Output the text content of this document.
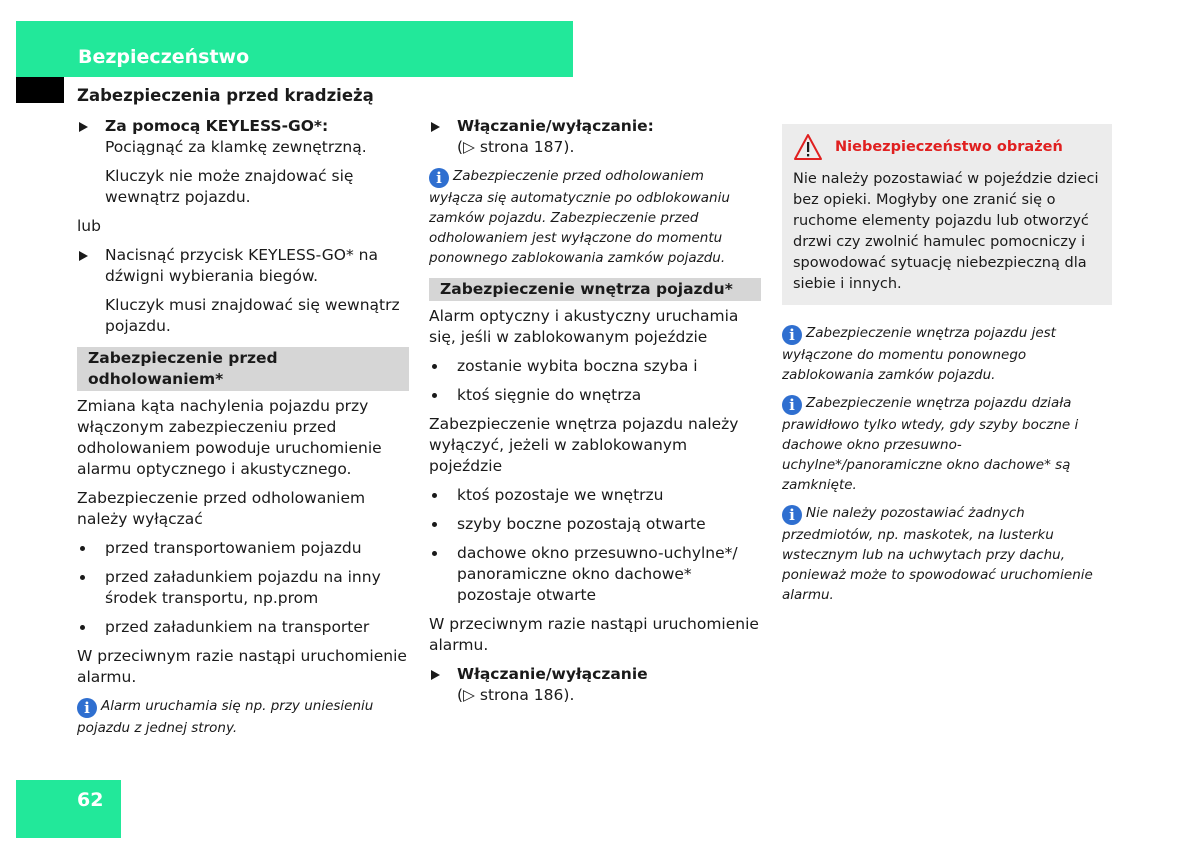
Bezpieczeństwo
Zabezpieczenia przed kradzieżą
Za pomocą KEYLESS-GO*: Pociągnąć za klamkę zewnętrzną.
Kluczyk nie może znajdować się wewnątrz pojazdu.

lub

Nacisnąć przycisk KEYLESS-GO* na dźwigni wybierania biegów.
Kluczyk musi znajdować się wewnątrz pojazdu.
Zabezpieczenie przed odholowaniem*

Zmiana kąta nachylenia pojazdu przy włączonym zabezpieczeniu przed odholowaniem powoduje uruchomienie alarmu optycznego i akustycznego.

Zabezpieczenie przed odholowaniem należy wyłączać

przed transportowaniem pojazdu
przed załadunkiem pojazdu na inny środek transportu, np.prom
przed załadunkiem na transporter

W przeciwnym razie nastąpi uruchomienie alarmu.

i Alarm uruchamia się np. przy uniesieniu pojazdu z jednej strony.
Włączanie/wyłączanie:
(▷ strona 187).
i Zabezpieczenie przed odholowaniem wyłącza się automatycznie po odblokowaniu zamków pojazdu. Zabezpieczenie przed odholowaniem jest wyłączone do momentu ponownego zablokowania zamków pojazdu.
Zabezpieczenie wnętrza pojazdu*

Alarm optyczny i akustyczny uruchamia się, jeśli w zablokowanym pojeździe

zostanie wybita boczna szyba i
ktoś sięgnie do wnętrza

Zabezpieczenie wnętrza pojazdu należy wyłączyć, jeżeli w zablokowanym pojeździe

ktoś pozostaje we wnętrzu
szyby boczne pozostają otwarte
dachowe okno przesuwno-uchylne*/ panoramiczne okno dachowe* pozostaje otwarte

W przeciwnym razie nastąpi uruchomienie alarmu.

Włączanie/wyłączanie
(▷ strona 186).
Niebezpieczeństwo obrażeń
Nie należy pozostawiać w pojeździe dzieci bez opieki. Mogłyby one zranić się o ruchome elementy pojazdu lub otworzyć drzwi czy zwolnić hamulec pomocniczy i spowodować sytuację niebezpieczną dla siebie i innych.
i Zabezpieczenie wnętrza pojazdu jest wyłączone do momentu ponownego zablokowania zamków pojazdu.
i Zabezpieczenie wnętrza pojazdu działa prawidłowo tylko wtedy, gdy szyby boczne i dachowe okno przesuwno-uchylne*/panoramiczne okno dachowe* są zamknięte.
i Nie należy pozostawiać żadnych przedmiotów, np. maskotek, na lusterku wstecznym lub na uchwytach przy dachu, ponieważ może to spowodować uruchomienie alarmu.
62
